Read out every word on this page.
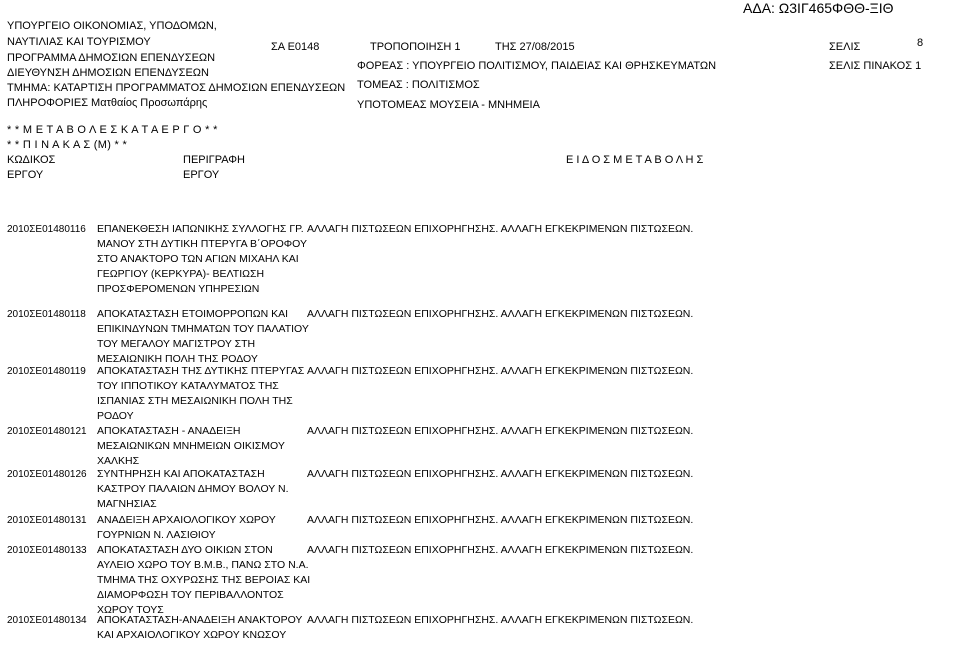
ΑΔΑ: Ω3ΙΓ465ΦΘΘ-ΞΙΘ
ΥΠΟΥΡΓΕΙΟ ΟΙΚΟΝΟΜΙΑΣ, ΥΠΟΔΟΜΩΝ,
ΝΑΥΤΙΛΙΑΣ ΚΑΙ ΤΟΥΡΙΣΜΟΥ
ΠΡΟΓΡΑΜΜΑ ΔΗΜΟΣΙΩΝ ΕΠΕΝΔΥΣΕΩΝ
ΔΙΕΥΘΥΝΣΗ ΔΗΜΟΣΙΩΝ ΕΠΕΝΔΥΣΕΩΝ
ΤΜΗΜΑ: ΚΑΤΑΡΤΙΣΗ ΠΡΟΓΡΑΜΜΑΤΟΣ ΔΗΜΟΣΙΩΝ ΕΠΕΝΔΥΣΕΩΝ
ΠΛΗΡΟΦΟΡΙΕΣ Ματθαίος Προσωπάρης
ΣΑ Ε0148	ΤΡΟΠΟΠΟΙΗΣΗ 1	ΤΗΣ 27/08/2015
ΦΟΡΕΑΣ : ΥΠΟΥΡΓΕΙΟ ΠΟΛΙΤΙΣΜΟΥ, ΠΑΙΔΕΙΑΣ ΚΑΙ ΘΡΗΣΚΕΥΜΑΤΩΝ
ΤΟΜΕΑΣ : ΠΟΛΙΤΙΣΜΟΣ
ΥΠΟΤΟΜΕΑΣ ΜΟΥΣΕΙΑ - ΜΝΗΜΕΙΑ
ΣΕΛΙΣ	8
ΣΕΛΙΣ ΠΙΝΑΚΟΣ 1
* * Μ Ε Τ Α Β Ο Λ Ε Σ Κ Α Τ Α Ε Ρ Γ Ο * *
* * Π Ι Ν Α Κ Α Σ (Μ) * *
ΚΩΔΙΚΟΣ
ΕΡΓΟΥ
ΠΕΡΙΓΡΑΦΗ
ΕΡΓΟΥ
Ε Ι Δ Ο Σ Μ Ε Τ Α Β Ο Λ Η Σ
2010ΣΕ01480116 ΕΠΑΝΕΚΘΕΣΗ ΙΑΠΩΝΙΚΗΣ ΣΥΛΛΟΓΗΣ ΓΡ. ΜΑΝΟΥ ΣΤΗ ΔΥΤΙΚΗ ΠΤΕΡΥΓΑ Β΄ΟΡΟΦΟΥ ΣΤΟ ΑΝΑΚΤΟΡΟ ΤΩΝ ΑΓΙΩΝ ΜΙΧΑΗΛ ΚΑΙ ΓΕΩΡΓΙΟΥ (ΚΕΡΚΥΡΑ)- ΒΕΛΤΙΩΣΗ ΠΡΟΣΦΕΡΟΜΕΝΩΝ ΥΠΗΡΕΣΙΩΝ
ΑΛΛΑΓΗ ΠΙΣΤΩΣΕΩΝ ΕΠΙΧΟΡΗΓΗΣΗΣ. ΑΛΛΑΓΗ ΕΓΚΕΚΡΙΜΕΝΩΝ ΠΙΣΤΩΣΕΩΝ.
2010ΣΕ01480118 ΑΠΟΚΑΤΑΣΤΑΣΗ ΕΤΟΙΜΟΡΡΟΠΩΝ ΚΑΙ ΕΠΙΚΙΝΔΥΝΩΝ ΤΜΗΜΑΤΩΝ ΤΟΥ ΠΑΛΑΤΙΟΥ ΤΟΥ ΜΕΓΑΛΟΥ ΜΑΓΙΣΤΡΟΥ ΣΤΗ ΜΕΣΑΙΩΝΙΚΗ ΠΟΛΗ ΤΗΣ ΡΟΔΟΥ
ΑΛΛΑΓΗ ΠΙΣΤΩΣΕΩΝ ΕΠΙΧΟΡΗΓΗΣΗΣ. ΑΛΛΑΓΗ ΕΓΚΕΚΡΙΜΕΝΩΝ ΠΙΣΤΩΣΕΩΝ.
2010ΣΕ01480119 ΑΠΟΚΑΤΑΣΤΑΣΗ ΤΗΣ ΔΥΤΙΚΗΣ ΠΤΕΡΥΓΑΣ ΤΟΥ ΙΠΠΟΤΙΚΟΥ ΚΑΤΑΛΥΜΑΤΟΣ ΤΗΣ ΙΣΠΑΝΙΑΣ ΣΤΗ ΜΕΣΑΙΩΝΙΚΗ ΠΟΛΗ ΤΗΣ ΡΟΔΟΥ
ΑΛΛΑΓΗ ΠΙΣΤΩΣΕΩΝ ΕΠΙΧΟΡΗΓΗΣΗΣ. ΑΛΛΑΓΗ ΕΓΚΕΚΡΙΜΕΝΩΝ ΠΙΣΤΩΣΕΩΝ.
2010ΣΕ01480121 ΑΠΟΚΑΤΑΣΤΑΣΗ - ΑΝΑΔΕΙΞΗ ΜΕΣΑΙΩΝΙΚΩΝ ΜΝΗΜΕΙΩΝ ΟΙΚΙΣΜΟΥ ΧΑΛΚΗΣ
ΑΛΛΑΓΗ ΠΙΣΤΩΣΕΩΝ ΕΠΙΧΟΡΗΓΗΣΗΣ. ΑΛΛΑΓΗ ΕΓΚΕΚΡΙΜΕΝΩΝ ΠΙΣΤΩΣΕΩΝ.
2010ΣΕ01480126 ΣΥΝΤΗΡΗΣΗ ΚΑΙ ΑΠΟΚΑΤΑΣΤΑΣΗ ΚΑΣΤΡΟΥ ΠΑΛΑΙΩΝ ΔΗΜΟΥ ΒΟΛΟΥ Ν. ΜΑΓΝΗΣΙΑΣ
ΑΛΛΑΓΗ ΠΙΣΤΩΣΕΩΝ ΕΠΙΧΟΡΗΓΗΣΗΣ. ΑΛΛΑΓΗ ΕΓΚΕΚΡΙΜΕΝΩΝ ΠΙΣΤΩΣΕΩΝ.
2010ΣΕ01480131 ΑΝΑΔΕΙΞΗ ΑΡΧΑΙΟΛΟΓΙΚΟΥ ΧΩΡΟΥ ΓΟΥΡΝΙΩΝ Ν. ΛΑΣΙΘΙΟΥ
ΑΛΛΑΓΗ ΠΙΣΤΩΣΕΩΝ ΕΠΙΧΟΡΗΓΗΣΗΣ. ΑΛΛΑΓΗ ΕΓΚΕΚΡΙΜΕΝΩΝ ΠΙΣΤΩΣΕΩΝ.
2010ΣΕ01480133 ΑΠΟΚΑΤΑΣΤΑΣΗ ΔΥΟ ΟΙΚΙΩΝ ΣΤΟΝ ΑΥΛΕΙΟ ΧΩΡΟ ΤΟΥ Β.Μ.Β., ΠΑΝΩ ΣΤΟ Ν.Α. ΤΜΗΜΑ ΤΗΣ ΟΧΥΡΩΣΗΣ ΤΗΣ ΒΕΡΟΙΑΣ ΚΑΙ ΔΙΑΜΟΡΦΩΣΗ ΤΟΥ ΠΕΡΙΒΑΛΛΟΝΤΟΣ ΧΩΡΟΥ ΤΟΥΣ
ΑΛΛΑΓΗ ΠΙΣΤΩΣΕΩΝ ΕΠΙΧΟΡΗΓΗΣΗΣ. ΑΛΛΑΓΗ ΕΓΚΕΚΡΙΜΕΝΩΝ ΠΙΣΤΩΣΕΩΝ.
2010ΣΕ01480134 ΑΠΟΚΑΤΑΣΤΑΣΗ-ΑΝΑΔΕΙΞΗ ΑΝΑΚΤΟΡΟΥ ΚΑΙ ΑΡΧΑΙΟΛΟΓΙΚΟΥ ΧΩΡΟΥ ΚΝΩΣΟΥ
ΑΛΛΑΓΗ ΠΙΣΤΩΣΕΩΝ ΕΠΙΧΟΡΗΓΗΣΗΣ. ΑΛΛΑΓΗ ΕΓΚΕΚΡΙΜΕΝΩΝ ΠΙΣΤΩΣΕΩΝ.
